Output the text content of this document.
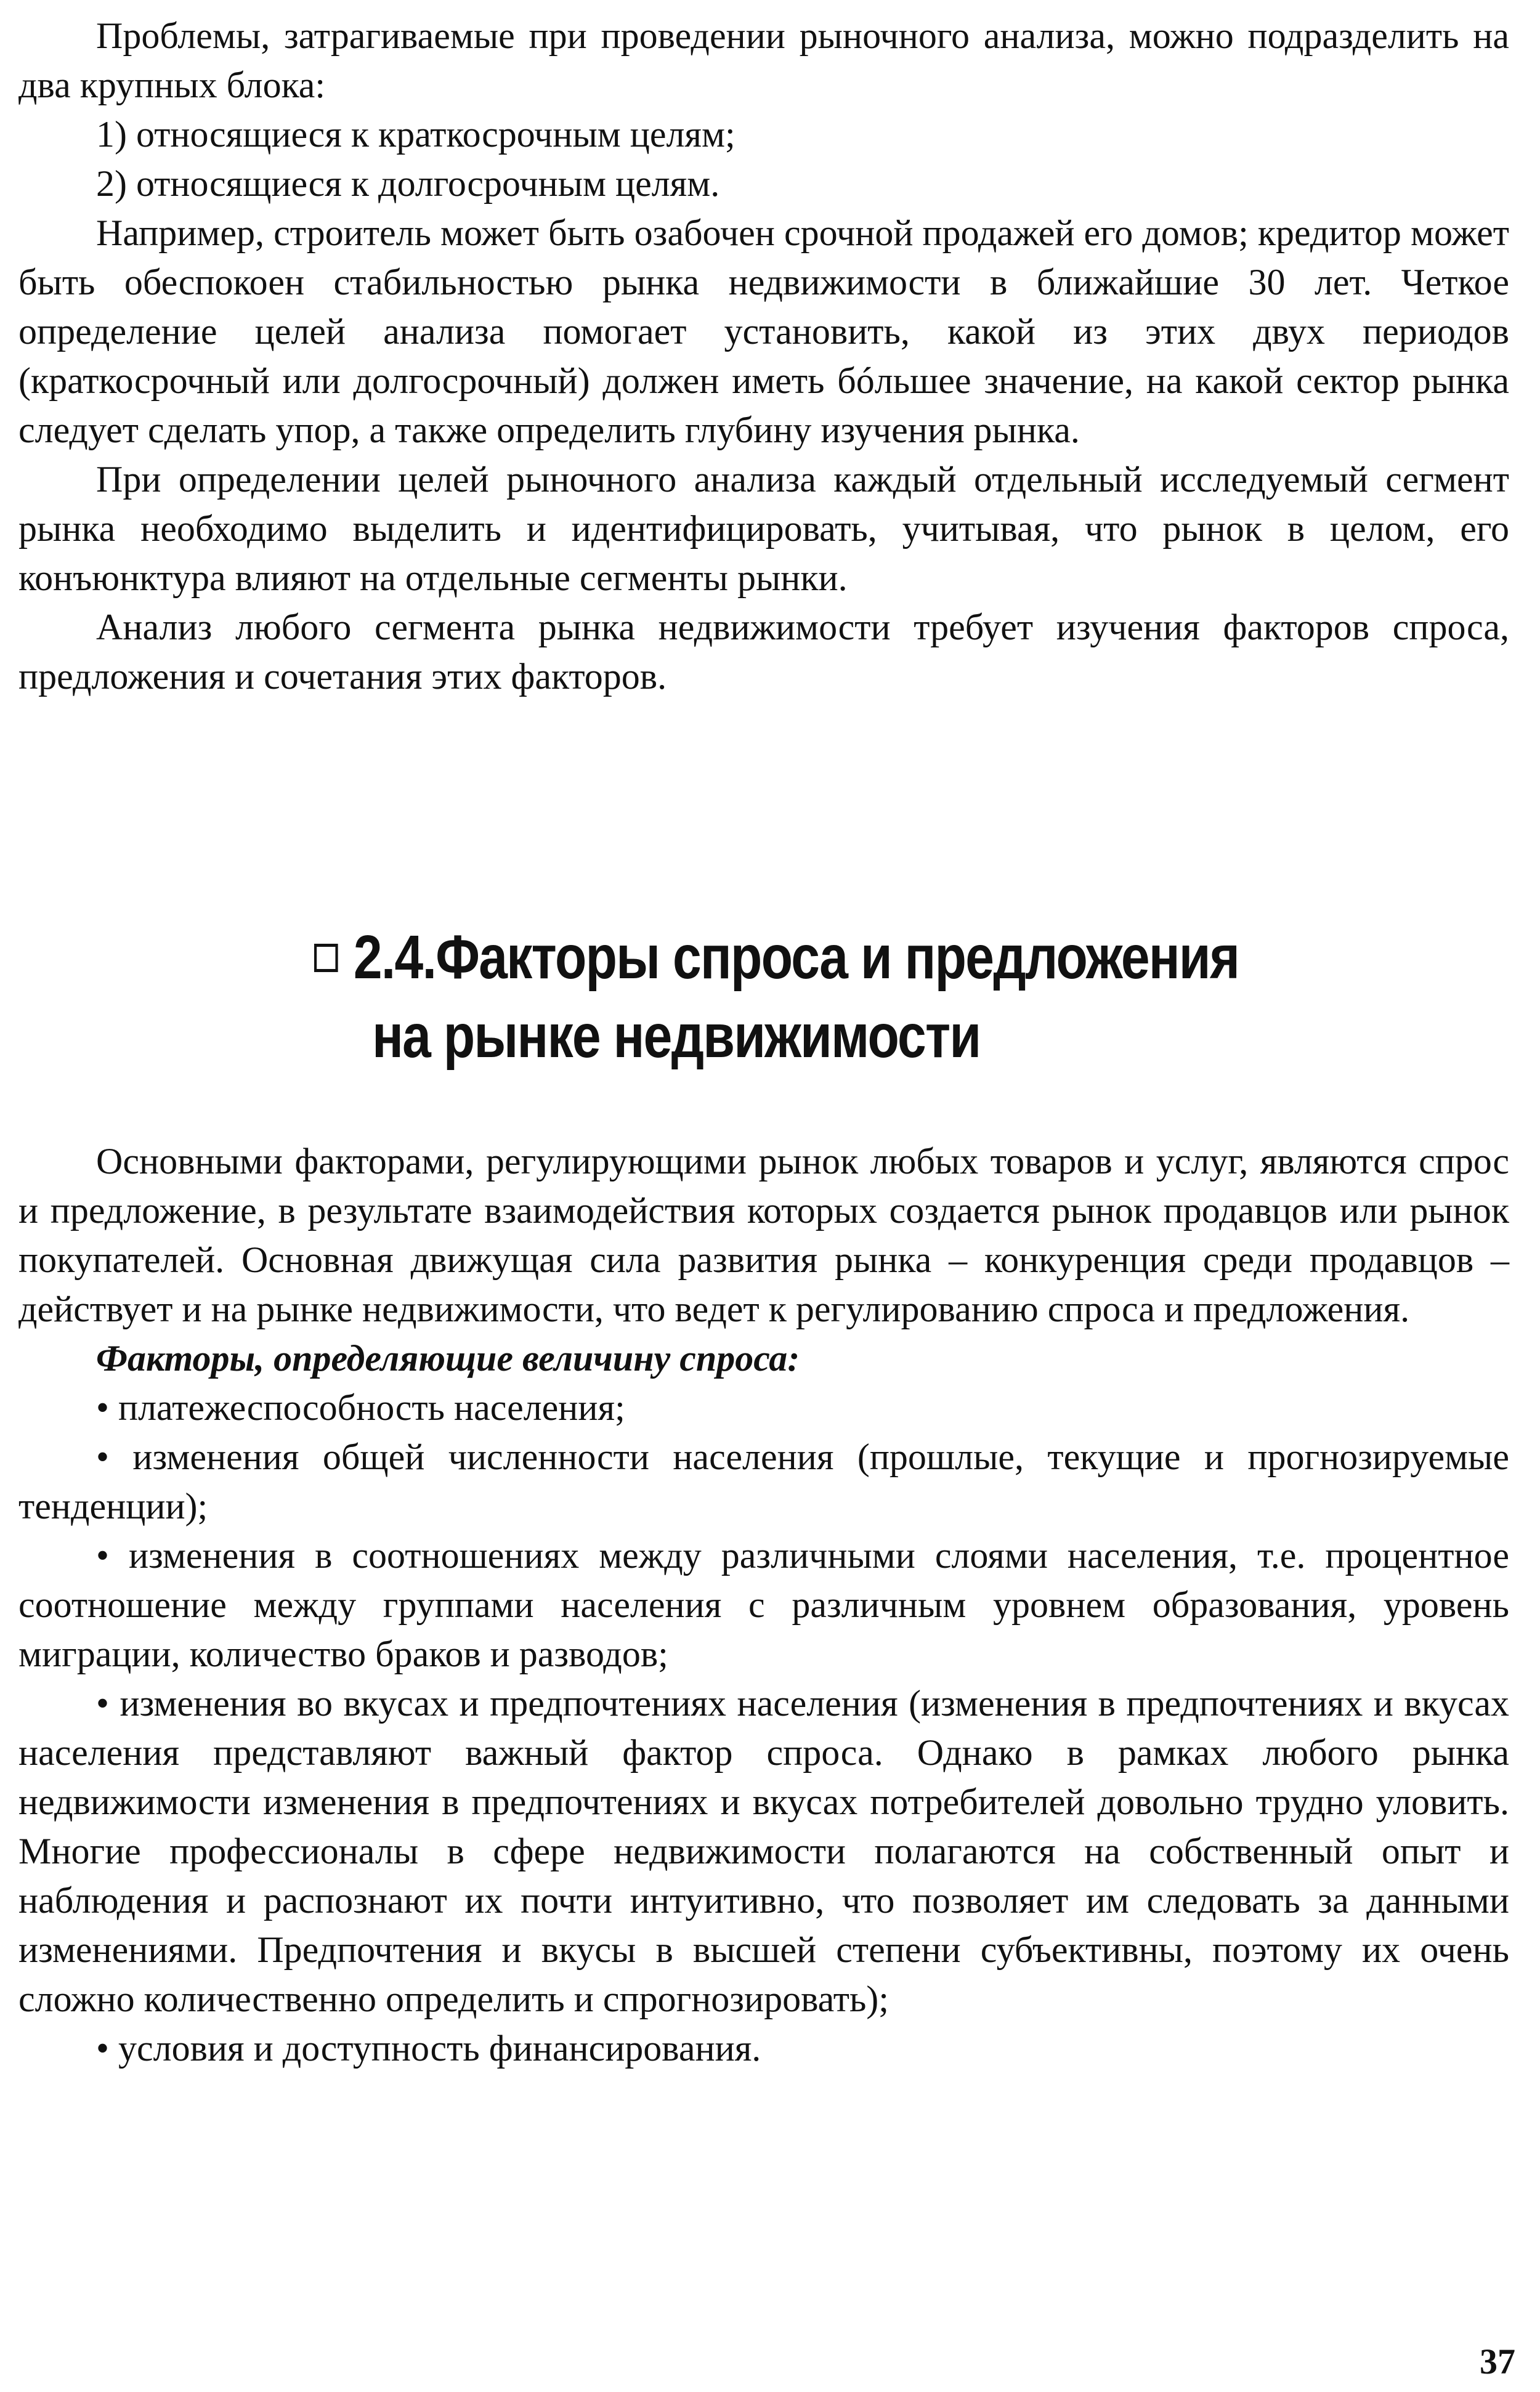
Проблемы, затрагиваемые при проведении рыночного анализа, можно подразделить на два крупных блока:

1) относящиеся к краткосрочным целям;

2) относящиеся к долгосрочным целям.

Например, строитель может быть озабочен срочной продажей его домов; кредитор может быть обеспокоен стабильностью рынка недвижимости в ближайшие 30 лет. Четкое определение целей анализа помогает установить, какой из этих двух периодов (краткосрочный или долгосрочный) должен иметь бóльшее значение, на какой сектор рынка следует сделать упор, а также определить глубину изучения рынка.

При определении целей рыночного анализа каждый отдельный исследуемый сегмент рынка необходимо выделить и идентифицировать, учитывая, что рынок в целом, его конъюнктура влияют на отдельные сегменты рынки.

Анализ любого сегмента рынка недвижимости требует изучения факторов спроса, предложения и сочетания этих факторов.

2.4.Факторы спроса и предложения
на рынке недвижимости

Основными факторами, регулирующими рынок любых товаров и услуг, являются спрос и предложение, в результате взаимодействия которых создается рынок продавцов или рынок покупателей. Основная движущая сила развития рынка – конкуренция среди продавцов – действует и на рынке недвижимости, что ведет к регулированию спроса и предложения.

Факторы, определяющие величину спроса:

• платежеспособность населения;

• изменения общей численности населения (прошлые, текущие и прогнозируемые тенденции);

• изменения в соотношениях между различными слоями населения, т.е. процентное соотношение между группами населения с различным уровнем образования, уровень миграции, количество браков и разводов;

• изменения во вкусах и предпочтениях населения (изменения в предпочтениях и вкусах населения представляют важный фактор спроса. Однако в рамках любого рынка недвижимости изменения в предпочтениях и вкусах потребителей довольно трудно уловить. Многие профессионалы в сфере недвижимости полагаются на собственный опыт и наблюдения и распознают их почти интуитивно, что позволяет им следовать за данными изменениями. Предпочтения и вкусы в высшей степени субъективны, поэтому их очень сложно количественно определить и спрогнозировать);

• условия и доступность финансирования.

37
